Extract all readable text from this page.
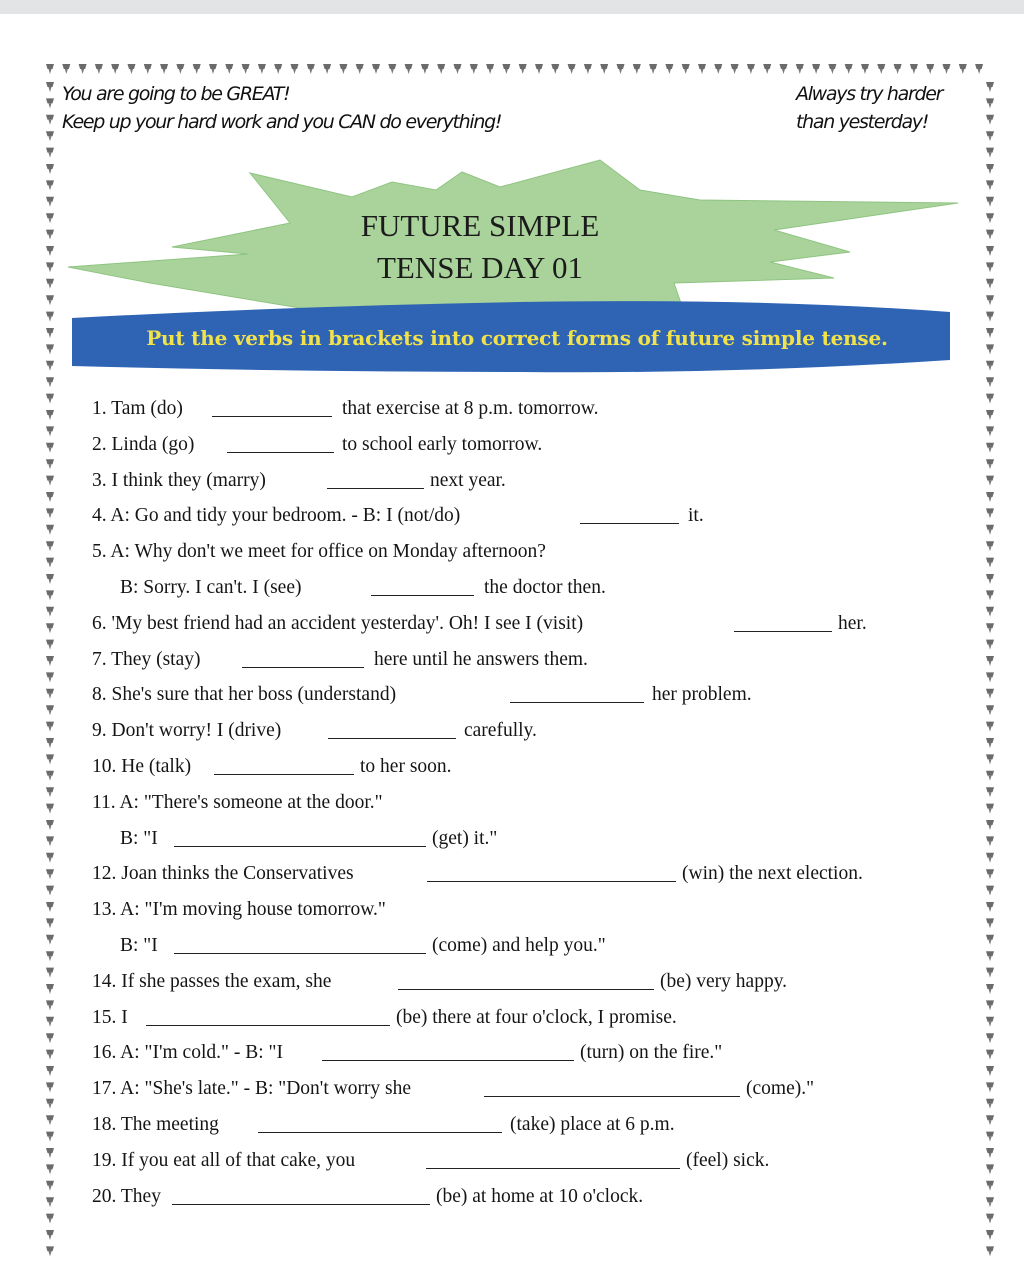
You are going to be GREAT!
Keep up your hard work and you CAN do everything!
Always try harder
than yesterday!
FUTURE SIMPLE
TENSE DAY 01
Put the verbs in brackets into correct forms of future simple tense.
1. Tam (do)	that exercise at 8 p.m. tomorrow.
2. Linda (go)	to school early tomorrow.
3. I think they (marry)	next year.
4. A: Go and tidy your bedroom. - B: I (not/do)	it.
5. A: Why don't we meet for office on Monday afternoon?
B: Sorry. I can't. I (see)	the doctor then.
6. 'My best friend had an accident yesterday'. Oh! I see I (visit)	her.
7. They (stay)	here until he answers them.
8. She's sure that her boss (understand)	her problem.
9. Don't worry! I (drive)	carefully.
10. He (talk)	to her soon.
11. A: "There's someone at the door."
B: "I	(get) it."
12. Joan thinks the Conservatives	(win) the next election.
13. A: "I'm moving house tomorrow."
B: "I	(come) and help you."
14. If she passes the exam, she	(be) very happy.
15. I	(be) there at four o'clock, I promise.
16. A: "I'm cold." - B: "I	(turn) on the fire."
17. A: "She's late." - B: "Don't worry she	(come)."
18. The meeting	(take) place at 6 p.m.
19. If you eat all of that cake, you	(feel) sick.
20. They	(be) at home at 10 o'clock.
